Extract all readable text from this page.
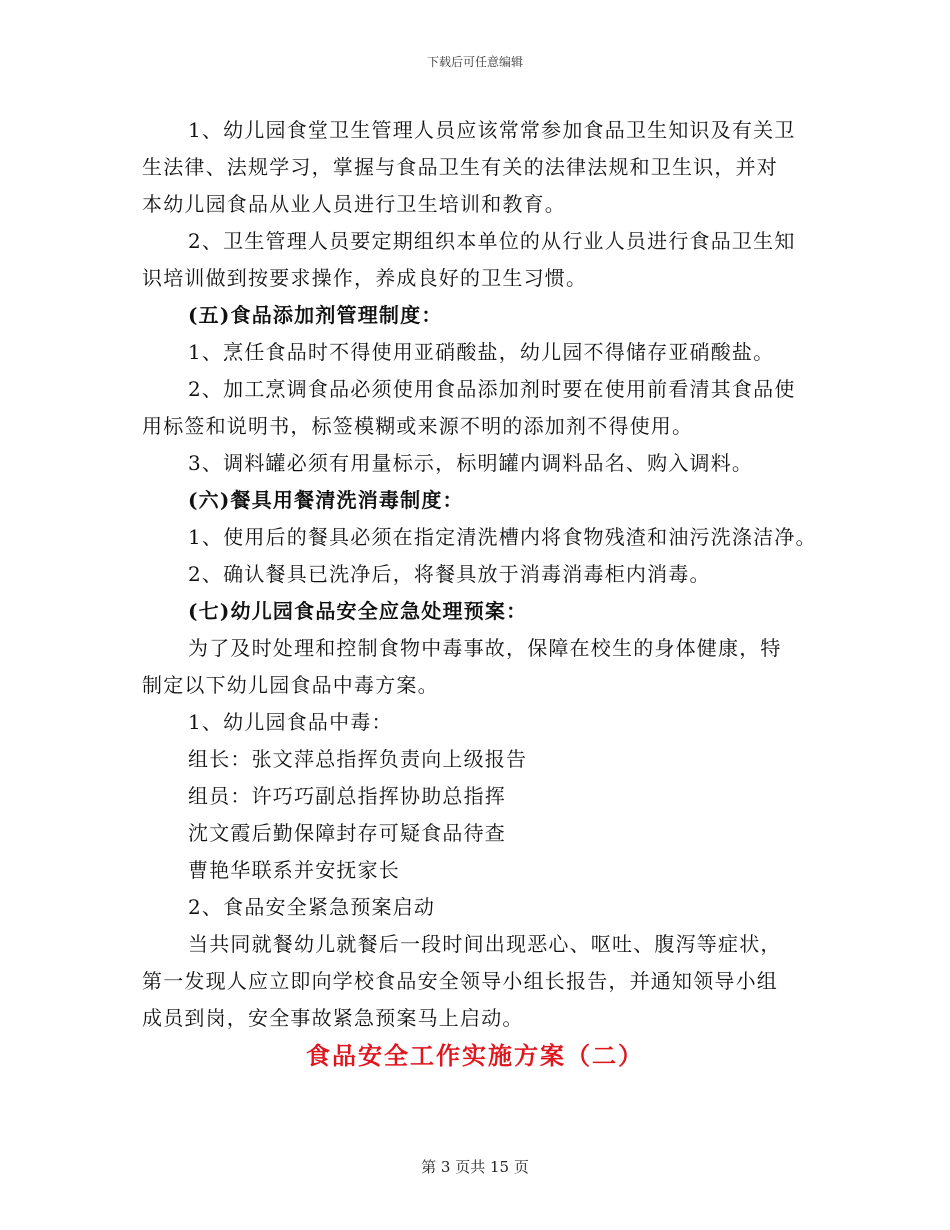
下载后可任意编辑

1、幼儿园食堂卫生管理人员应该常常参加食品卫生知识及有关卫

生法律、法规学习，掌握与食品卫生有关的法律法规和卫生识，并对

本幼儿园食品从业人员进行卫生培训和教育。

2、卫生管理人员要定期组织本单位的从行业人员进行食品卫生知

识培训做到按要求操作，养成良好的卫生习惯。

(五)食品添加剂管理制度：

1、烹任食品时不得使用亚硝酸盐，幼儿园不得储存亚硝酸盐。

2、加工烹调食品必须使用食品添加剂时要在使用前看清其食品使

用标签和说明书，标签模糊或来源不明的添加剂不得使用。

3、调料罐必须有用量标示，标明罐内调料品名、购入调料。

(六)餐具用餐清洗消毒制度：

1、使用后的餐具必须在指定清洗槽内将食物残渣和油污洗涤洁净。

2、确认餐具已洗净后，将餐具放于消毒消毒柜内消毒。

(七)幼儿园食品安全应急处理预案：

为了及时处理和控制食物中毒事故，保障在校生的身体健康，特

制定以下幼儿园食品中毒方案。

1、幼儿园食品中毒：

组长：张文萍总指挥负责向上级报告

组员：许巧巧副总指挥协助总指挥

沈文霞后勤保障封存可疑食品待查

曹艳华联系并安抚家长

2、食品安全紧急预案启动

当共同就餐幼儿就餐后一段时间出现恶心、呕吐、腹泻等症状，

第一发现人应立即向学校食品安全领导小组长报告，并通知领导小组

成员到岗，安全事故紧急预案马上启动。

食品安全工作实施方案（二）
第 3 页共 15 页
